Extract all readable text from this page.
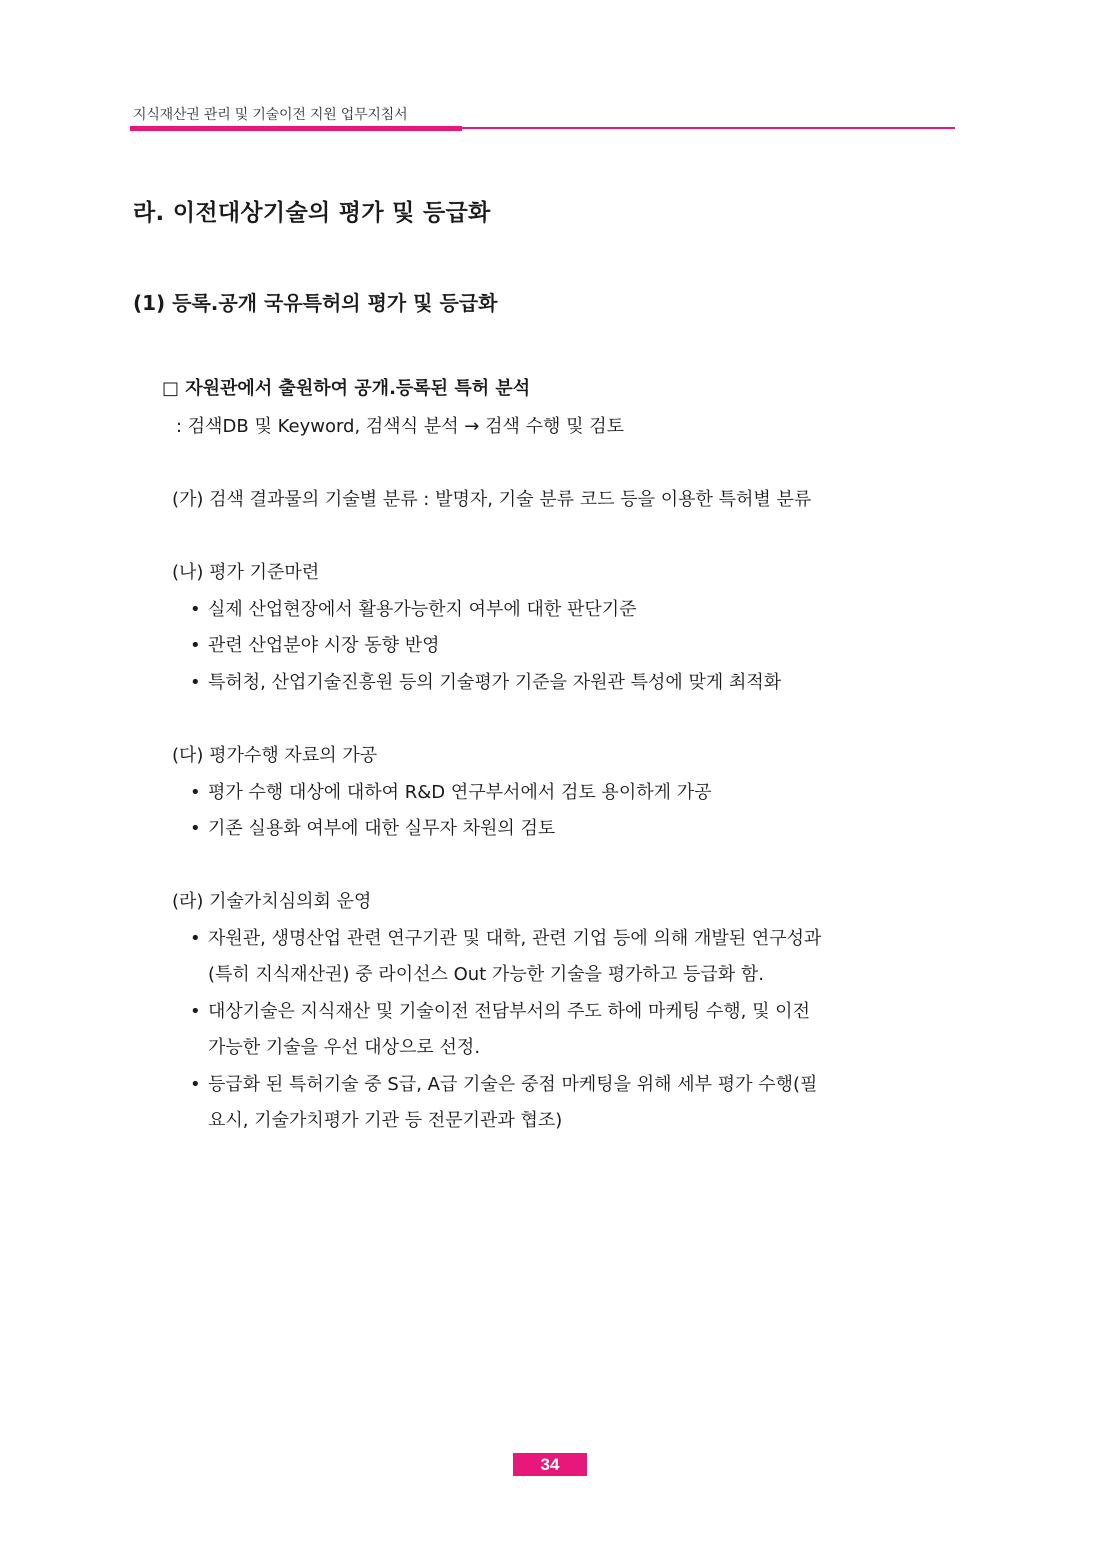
지식재산권 관리 및 기술이전 지원 업무지침서
라. 이전대상기술의 평가 및 등급화
(1) 등록.공개 국유특허의 평가 및 등급화

□ 자원관에서 출원하여 공개.등록된 특허 분석

: 검색DB 및 Keyword, 검색식 분석 → 검색 수행 및 검토

(가) 검색 결과물의 기술별 분류 : 발명자, 기술 분류 코드 등을 이용한 특허별 분류

(나) 평가 기준마련

• 실제 산업현장에서 활용가능한지 여부에 대한 판단기준

• 관련 산업분야 시장 동향 반영

• 특허청, 산업기술진흥원 등의 기술평가 기준을 자원관 특성에 맞게 최적화

(다) 평가수행 자료의 가공

• 평가 수행 대상에 대하여 R&D 연구부서에서 검토 용이하게 가공

• 기존 실용화 여부에 대한 실무자 차원의 검토

(라) 기술가치심의회 운영

• 자원관, 생명산업 관련 연구기관 및 대학, 관련 기업 등에 의해 개발된 연구성과

(특히 지식재산권) 중 라이선스 Out 가능한 기술을 평가하고 등급화 함.

• 대상기술은 지식재산 및 기술이전 전담부서의 주도 하에 마케팅 수행, 및 이전

가능한 기술을 우선 대상으로 선정.

• 등급화 된 특허기술 중 S급, A급 기술은 중점 마케팅을 위해 세부 평가 수행(필

요시, 기술가치평가 기관 등 전문기관과 협조)

34
